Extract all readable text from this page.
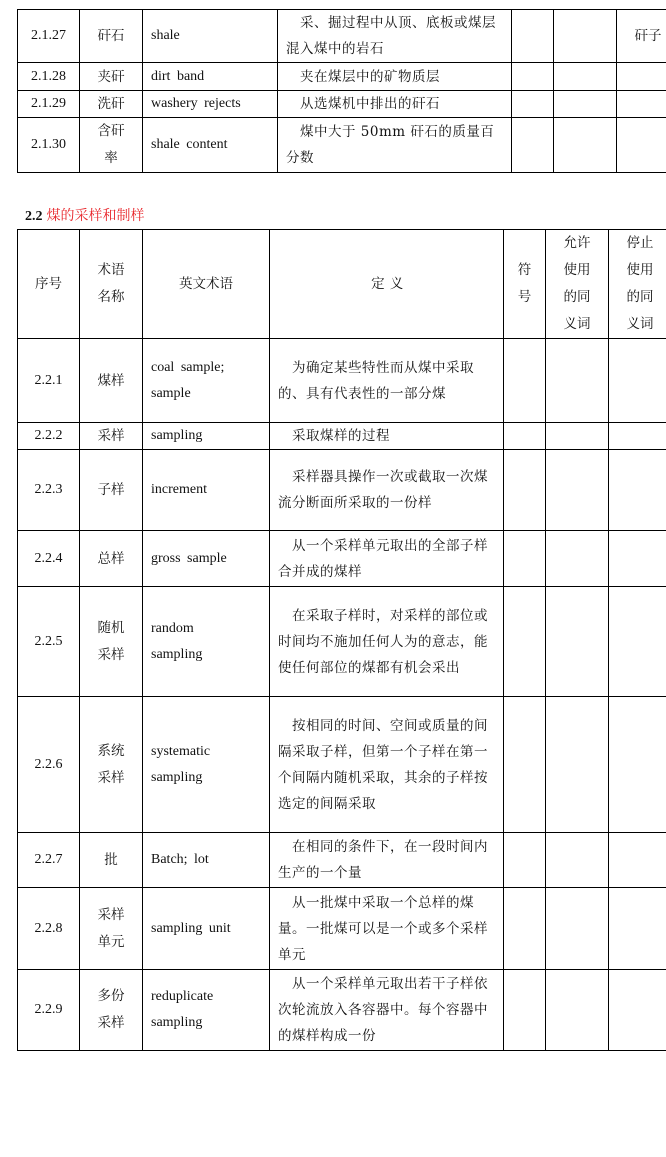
2.1.27	矸石	shale	采、掘过程中从顶、底板或煤层混入煤中的岩石			矸子
2.1.28	夹矸	dirt band	夹在煤层中的矿物质层			
2.1.29	洗矸	washery rejects	从选煤机中排出的矸石			
2.1.30	含矸率	shale content	煤中大于 50mm 矸石的质量百分数			
2.2 煤的采样和制样
序号	术语名称	英文术语	定 义	符号	允许使用的同义词	停止使用的同义词
2.2.1	煤样	coal sample; sample	为确定某些特性而从煤中采取的、具有代表性的一部分煤			
2.2.2	采样	sampling	采取煤样的过程			
2.2.3	子样	increment	采样器具操作一次或截取一次煤流分断面所采取的一份样			
2.2.4	总样	gross sample	从一个采样单元取出的全部子样合并成的煤样			
2.2.5	随机采样	random sampling	在采取子样时，对采样的部位或时间均不施加任何人为的意志，能使任何部位的煤都有机会采出			
2.2.6	系统采样	systematic sampling	按相同的时间、空间或质量的间隔采取子样，但第一个子样在第一个间隔内随机采取，其余的子样按选定的间隔采取			
2.2.7	批	Batch; lot	在相同的条件下，在一段时间内生产的一个量			
2.2.8	采样单元	sampling unit	从一批煤中采取一个总样的煤量。一批煤可以是一个或多个采样单元			
2.2.9	多份采样	reduplicate sampling	从一个采样单元取出若干子样依次轮流放入各容器中。每个容器中的煤样构成一份			
